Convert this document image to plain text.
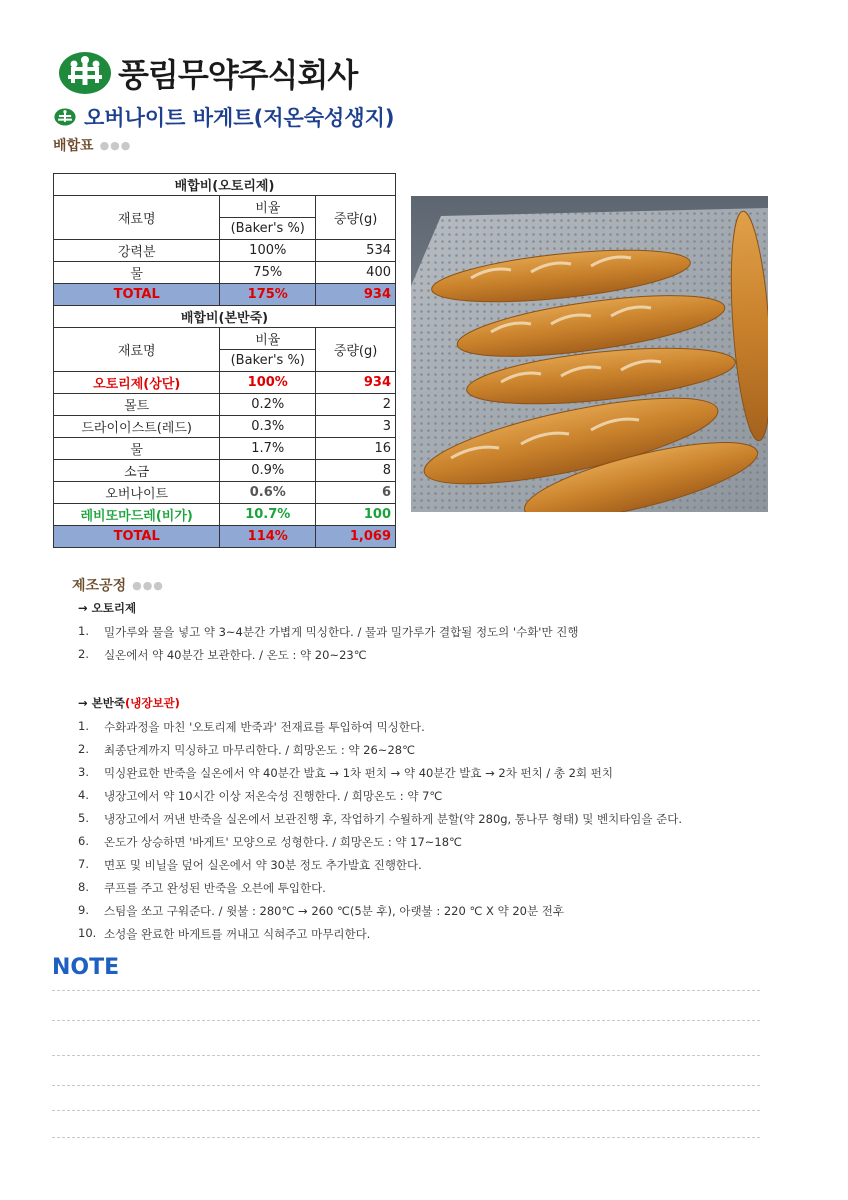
풍림무약주식회사
오버나이트 바게트(저온숙성생지)
배합표 ●●●
배합비(오토리제)		
재료명	비율	중량(g)
	(Baker's %)	
강력분	100%	534
물	75%	400
TOTAL	175%	934
배합비(본반죽)		
재료명	비율	중량(g)
	(Baker's %)	
오토리제(상단)	100%	934
몰트	0.2%	2
드라이이스트(레드)	0.3%	3
물	1.7%	16
소금	0.9%	8
오버나이트	0.6%	6
레비또마드레(비가)	10.7%	100
TOTAL	114%	1,069
제조공정 ●●●
→ 오토리제
1.	밀가루와 물을 넣고 약 3~4분간 가볍게 믹싱한다. / 물과 밀가루가 결합될 정도의 '수화'만 진행
2.	실온에서 약 40분간 보관한다. / 온도 : 약 20~23℃
→ 본반죽(냉장보관)
1.	수화과정을 마친 '오토리제 반죽과' 전재료를 투입하여 믹싱한다.
2.	최종단계까지 믹싱하고 마무리한다. / 희망온도 : 약 26~28℃
3.	믹싱완료한 반죽을 실온에서 약 40분간 발효 → 1차 펀치 → 약 40분간 발효 → 2차 펀치 / 총 2회 펀치
4.	냉장고에서 약 10시간 이상 저온숙성 진행한다. / 희망온도 : 약 7℃
5.	냉장고에서 꺼낸 반죽을 실온에서 보관진행 후, 작업하기 수월하게 분할(약 280g, 통나무 형태) 및 벤치타임을 준다.
6.	온도가 상승하면 '바게트' 모양으로 성형한다. / 희망온도 : 약 17~18℃
7.	면포 및 비닐을 덮어 실온에서 약 30분 정도 추가발효 진행한다.
8.	쿠프를 주고 완성된 반죽을 오븐에 투입한다.
9.	스팀을 쏘고 구워준다. / 윗불 : 280℃ → 260 ℃(5분 후), 아랫불 : 220 ℃ X 약 20분 전후
10. 소성을 완료한 바게트를 꺼내고 식혀주고 마무리한다.
NOTE
